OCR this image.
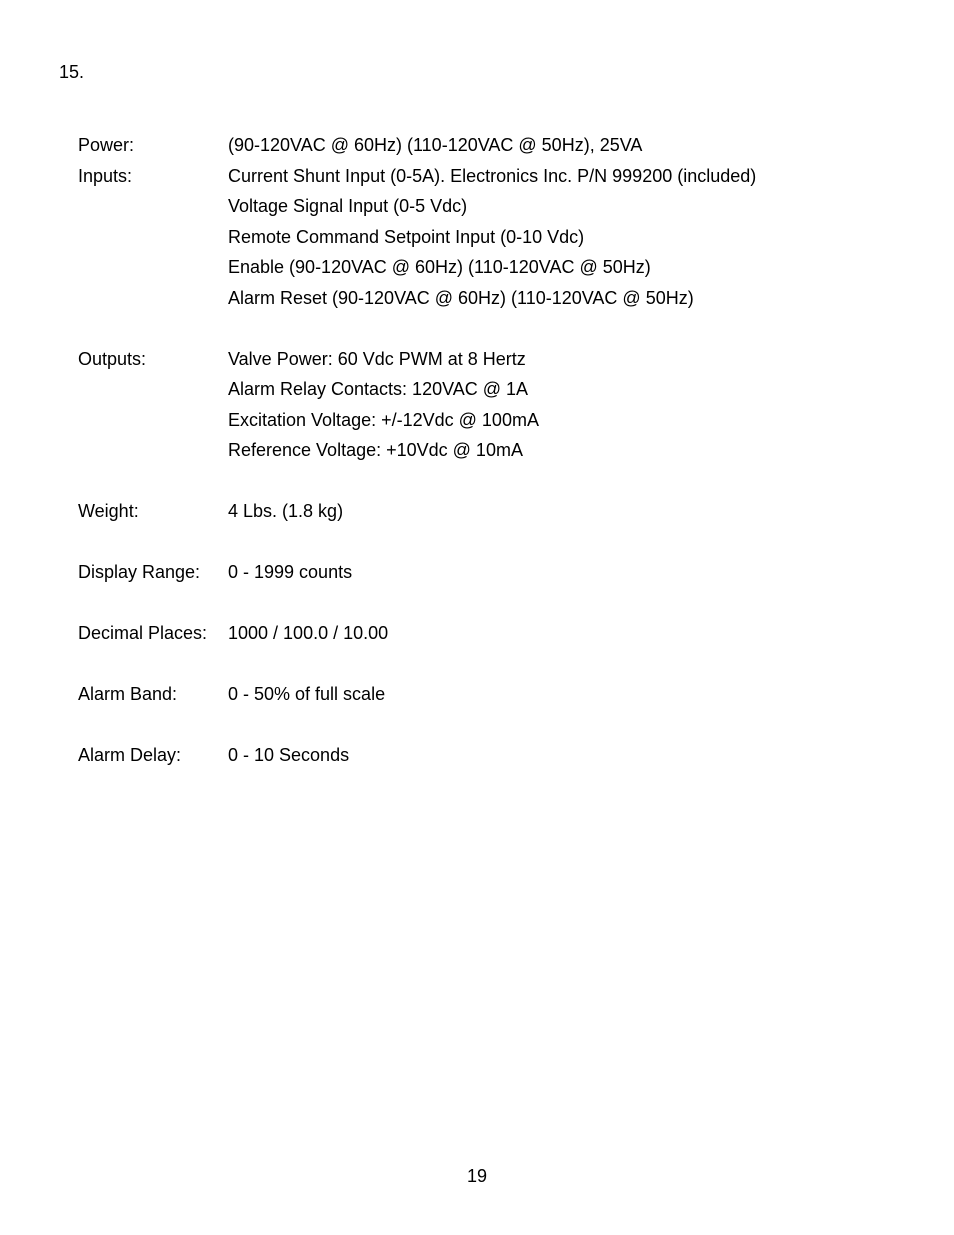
15.
Power:	(90-120VAC @ 60Hz) (110-120VAC @ 50Hz), 25VA
Inputs:	Current Shunt Input (0-5A). Electronics Inc. P/N 999200 (included)
Voltage Signal Input (0-5 Vdc)
Remote Command Setpoint Input (0-10 Vdc)
Enable (90-120VAC @ 60Hz) (110-120VAC @ 50Hz)
Alarm Reset (90-120VAC @ 60Hz) (110-120VAC @ 50Hz)
Outputs:	Valve Power: 60 Vdc PWM at 8 Hertz
Alarm Relay Contacts: 120VAC @ 1A
Excitation Voltage: +/-12Vdc @ 100mA
Reference Voltage: +10Vdc @ 10mA
Weight:	4 Lbs. (1.8 kg)
Display Range:	0 - 1999 counts
Decimal Places:	1000 / 100.0 / 10.00
Alarm Band:	0 - 50% of full scale
Alarm Delay:	0 - 10 Seconds
19
